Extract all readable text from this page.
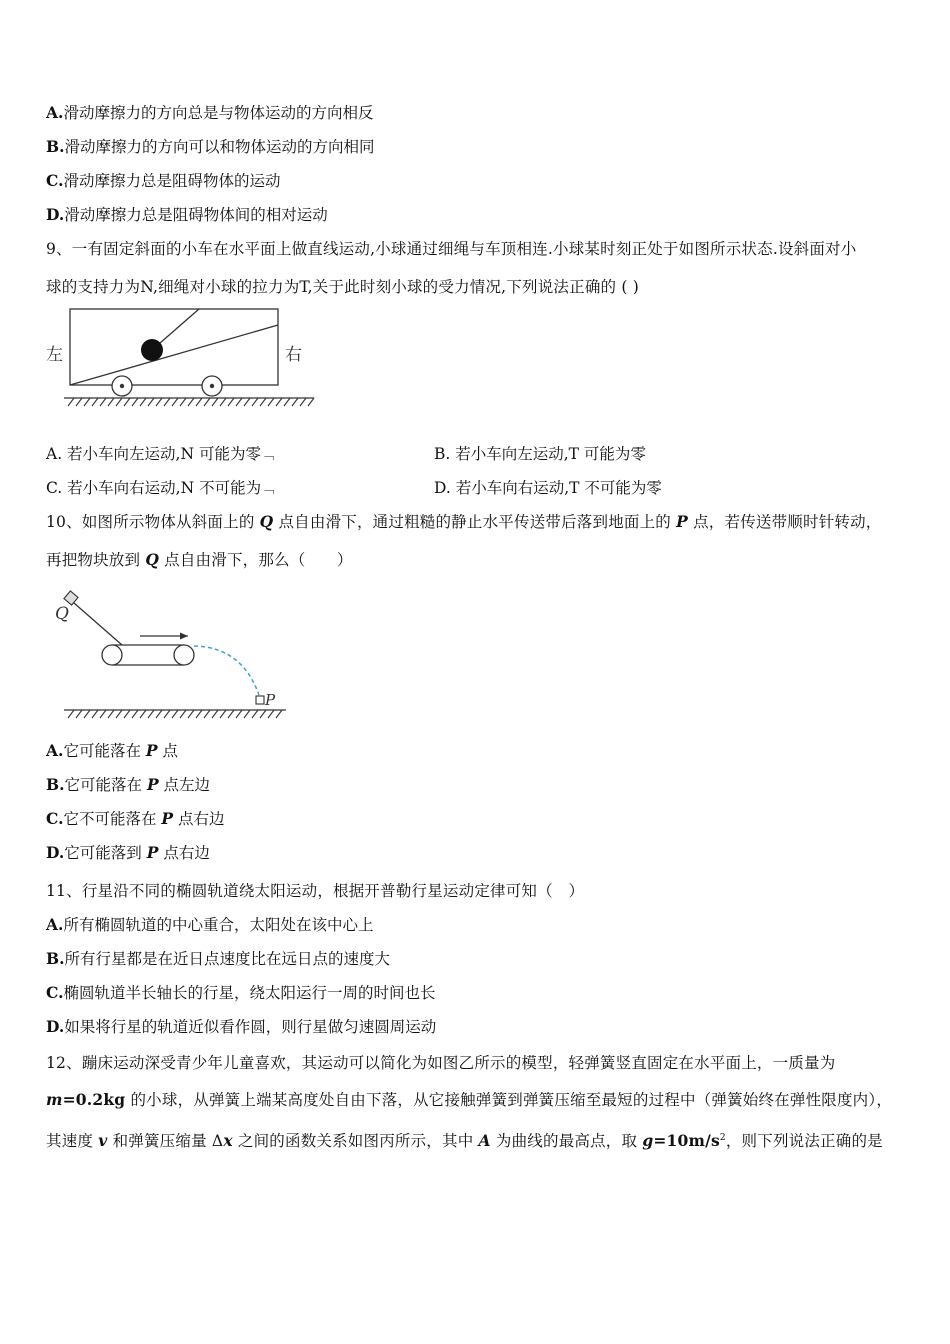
A.滑动摩擦力的方向总是与物体运动的方向相反
B.滑动摩擦力的方向可以和物体运动的方向相同
C.滑动摩擦力总是阻碍物体的运动
D.滑动摩擦力总是阻碍物体间的相对运动
9、一有固定斜面的小车在水平面上做直线运动,小球通过细绳与车顶相连.小球某时刻正处于如图所示状态.设斜面对小
球的支持力为N,细绳对小球的拉力为T,关于此时刻小球的受力情况,下列说法正确的 ( )
左	右
A. 若小车向左运动,N 可能为零﹁	B. 若小车向左运动,T 可能为零
C. 若小车向右运动,N 不可能为﹁	D. 若小车向右运动,T 不可能为零
10、如图所示物体从斜面上的 Q 点自由滑下，通过粗糙的静止水平传送带后落到地面上的 P 点，若传送带顺时针转动，
再把物块放到 Q 点自由滑下，那么（　　）
Q
P
A.它可能落在 P 点
B.它可能落在 P 点左边
C.它不可能落在 P 点右边
D.它可能落到 P 点右边
11、行星沿不同的椭圆轨道绕太阳运动，根据开普勒行星运动定律可知（　）
A.所有椭圆轨道的中心重合，太阳处在该中心上
B.所有行星都是在近日点速度比在远日点的速度大
C.椭圆轨道半长轴长的行星，绕太阳运行一周的时间也长
D.如果将行星的轨道近似看作圆，则行星做匀速圆周运动
12、蹦床运动深受青少年儿童喜欢，其运动可以简化为如图乙所示的模型，轻弹簧竖直固定在水平面上，一质量为
m=0.2kg 的小球，从弹簧上端某高度处自由下落，从它接触弹簧到弹簧压缩至最短的过程中（弹簧始终在弹性限度内），
其速度 v 和弹簧压缩量 Δx 之间的函数关系如图丙所示，其中 A 为曲线的最高点，取 $g=10m/s^2$，则下列说法正确的是
